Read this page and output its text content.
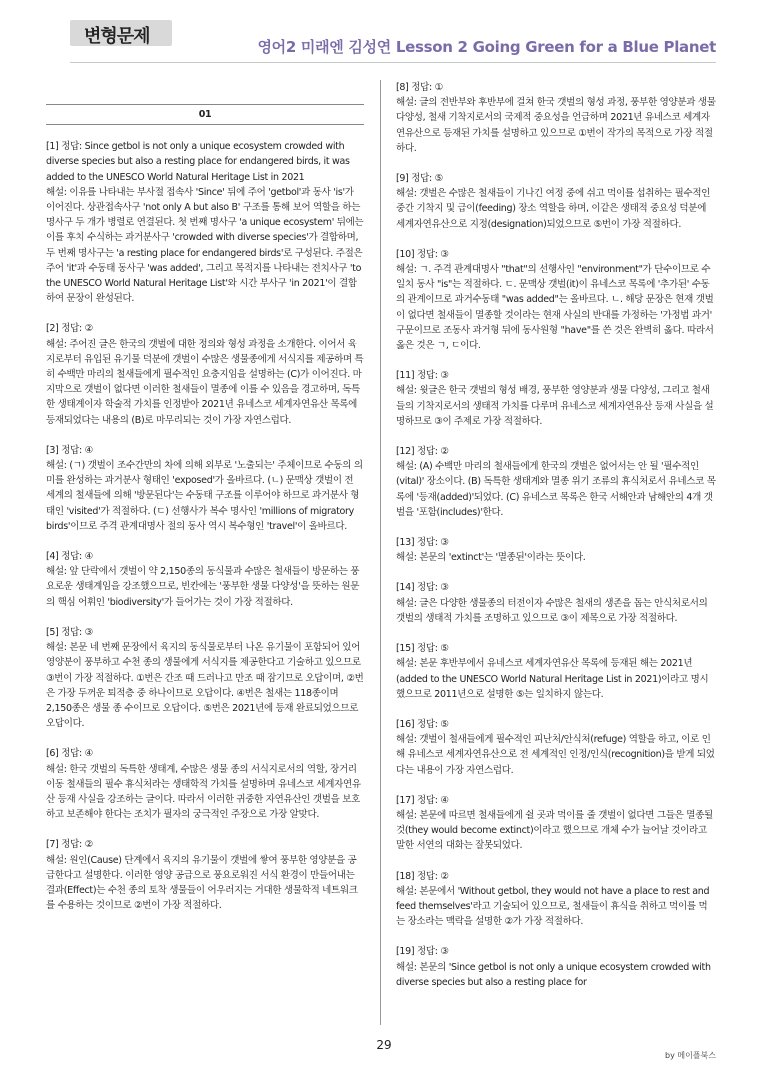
변형문제	영어2 미래엔 김성연 Lesson 2 Going Green for a Blue Planet
01

[1] 정답: Since getbol is not only a unique ecosystem crowded with diverse species but also a resting place for endangered birds, it was added to the UNESCO World Natural Heritage List in 2021

해설: 이유를 나타내는 부사절 접속사 'Since' 뒤에 주어 'getbol'과 동사 'is'가 이어진다. 상관접속사구 'not only A but also B' 구조를 통해 보어 역할을 하는 명사구 두 개가 병렬로 연결된다. 첫 번째 명사구 'a unique ecosystem' 뒤에는 이를 후치 수식하는 과거분사구 'crowded with diverse species'가 결합하며, 두 번째 명사구는 'a resting place for endangered birds'로 구성된다. 주절은 주어 'it'과 수동태 동사구 'was added', 그리고 목적지를 나타내는 전치사구 'to the UNESCO World Natural Heritage List'와 시간 부사구 'in 2021'이 결합하여 문장이 완성된다.

[2] 정답: ②

해설: 주어진 글은 한국의 갯벌에 대한 정의와 형성 과정을 소개한다. 이어서 육지로부터 유입된 유기물 덕분에 갯벌이 수많은 생물종에게 서식지를 제공하며 특히 수백만 마리의 철새들에게 필수적인 요충지임을 설명하는 (C)가 이어진다. 마지막으로 갯벌이 없다면 이러한 철새들이 멸종에 이를 수 있음을 경고하며, 독특한 생태계이자 학술적 가치를 인정받아 2021년 유네스코 세계자연유산 목록에 등재되었다는 내용의 (B)로 마무리되는 것이 가장 자연스럽다.

[3] 정답: ④

해설: (ㄱ) 갯벌이 조수간만의 차에 의해 외부로 '노출되는' 주체이므로 수동의 의미를 완성하는 과거분사 형태인 'exposed'가 올바르다. (ㄴ) 문맥상 갯벌이 전 세계의 철새들에 의해 '방문된다'는 수동태 구조를 이루어야 하므로 과거분사 형태인 'visited'가 적절하다. (ㄷ) 선행사가 복수 명사인 'millions of migratory birds'이므로 주격 관계대명사 절의 동사 역시 복수형인 'travel'이 올바르다.

[4] 정답: ④

해설: 앞 단락에서 갯벌이 약 2,150종의 동식물과 수많은 철새들이 방문하는 풍요로운 생태계임을 강조했으므로, 빈칸에는 '풍부한 생물 다양성'을 뜻하는 원문의 핵심 어휘인 'biodiversity'가 들어가는 것이 가장 적절하다.

[5] 정답: ③

해설: 본문 네 번째 문장에서 육지의 동식물로부터 나온 유기물이 포함되어 있어 영양분이 풍부하고 수천 종의 생물에게 서식지를 제공한다고 기술하고 있으므로 ③번이 가장 적절하다. ①번은 간조 때 드러나고 만조 때 잠기므로 오답이며, ②번은 가장 두꺼운 퇴적층 중 하나이므로 오답이다. ④번은 철새는 118종이며 2,150종은 생물 종 수이므로 오답이다. ⑤번은 2021년에 등재 완료되었으므로 오답이다.

[6] 정답: ④

해설: 한국 갯벌의 독특한 생태계, 수많은 생물 종의 서식지로서의 역할, 장거리 이동 철새들의 필수 휴식처라는 생태학적 가치를 설명하며 유네스코 세계자연유산 등재 사실을 강조하는 글이다. 따라서 이러한 귀중한 자연유산인 갯벌을 보호하고 보존해야 한다는 조치가 필자의 궁극적인 주장으로 가장 알맞다.

[7] 정답: ②

해설: 원인(Cause) 단계에서 육지의 유기물이 갯벌에 쌓여 풍부한 영양분을 공급한다고 설명한다. 이러한 영양 공급으로 풍요로워진 서식 환경이 만들어내는 결과(Effect)는 수천 종의 토착 생물들이 어우러지는 거대한 생물학적 네트워크를 수용하는 것이므로 ②번이 가장 적절하다.

[8] 정답: ①

해설: 글의 전반부와 후반부에 걸쳐 한국 갯벌의 형성 과정, 풍부한 영양분과 생물 다양성, 철새 기착지로서의 국제적 중요성을 언급하며 2021년 유네스코 세계자연유산으로 등재된 가치를 설명하고 있으므로 ①번이 작가의 목적으로 가장 적절하다.

[9] 정답: ⑤

해설: 갯벌은 수많은 철새들이 기나긴 여정 중에 쉬고 먹이를 섭취하는 필수적인 중간 기착지 및 급이(feeding) 장소 역할을 하며, 이같은 생태적 중요성 덕분에 세계자연유산으로 지정(designation)되었으므로 ⑤번이 가장 적절하다.

[10] 정답: ③

해설: ㄱ. 주격 관계대명사 "that"의 선행사인 "environment"가 단수이므로 수일치 동사 "is"는 적절하다. ㄷ. 문맥상 갯벌(it)이 유네스코 목록에 '추가된' 수동의 관계이므로 과거수동태 "was added"는 올바르다. ㄴ. 해당 문장은 현재 갯벌이 없다면 철새들이 멸종할 것이라는 현재 사실의 반대를 가정하는 '가정법 과거' 구문이므로 조동사 과거형 뒤에 동사원형 "have"를 쓴 것은 완벽히 옳다. 따라서 옳은 것은 ㄱ, ㄷ이다.

[11] 정답: ③

해설: 윗글은 한국 갯벌의 형성 배경, 풍부한 영양분과 생물 다양성, 그리고 철새들의 기착지로서의 생태적 가치를 다루며 유네스코 세계자연유산 등재 사실을 설명하므로 ③이 주제로 가장 적절하다.

[12] 정답: ②

해설: (A) 수백만 마리의 철새들에게 한국의 갯벌은 없어서는 안 될 '필수적인(vital)' 장소이다. (B) 독특한 생태계와 멸종 위기 조류의 휴식처로서 유네스코 목록에 '등재(added)'되었다. (C) 유네스코 목록은 한국 서해안과 남해안의 4개 갯벌을 '포함(includes)'한다.

[13] 정답: ③

해설: 본문의 'extinct'는 '멸종된'이라는 뜻이다.

[14] 정답: ③

해설: 글은 다양한 생물종의 터전이자 수많은 철새의 생존을 돕는 안식처로서의 갯벌의 생태적 가치를 조명하고 있으므로 ③이 제목으로 가장 적절하다.

[15] 정답: ⑤

해설: 본문 후반부에서 유네스코 세계자연유산 목록에 등재된 해는 2021년(added to the UNESCO World Natural Heritage List in 2021)이라고 명시했으므로 2011년으로 설명한 ⑤는 일치하지 않는다.

[16] 정답: ⑤

해설: 갯벌이 철새들에게 필수적인 피난처/안식처(refuge) 역할을 하고, 이로 인해 유네스코 세계자연유산으로 전 세계적인 인정/인식(recognition)을 받게 되었다는 내용이 가장 자연스럽다.

[17] 정답: ④

해설: 본문에 따르면 철새들에게 쉴 곳과 먹이를 줄 갯벌이 없다면 그들은 멸종될 것(they would become extinct)이라고 했으므로 개체 수가 늘어날 것이라고 말한 서연의 대화는 잘못되었다.

[18] 정답: ②

해설: 본문에서 'Without getbol, they would not have a place to rest and feed themselves'라고 기술되어 있으므로, 철새들이 휴식을 취하고 먹이를 먹는 장소라는 맥락을 설명한 ②가 가장 적절하다.

[19] 정답: ③

해설: 본문의 'Since getbol is not only a unique ecosystem crowded with diverse species but also a resting place for

29
by 메이플북스
